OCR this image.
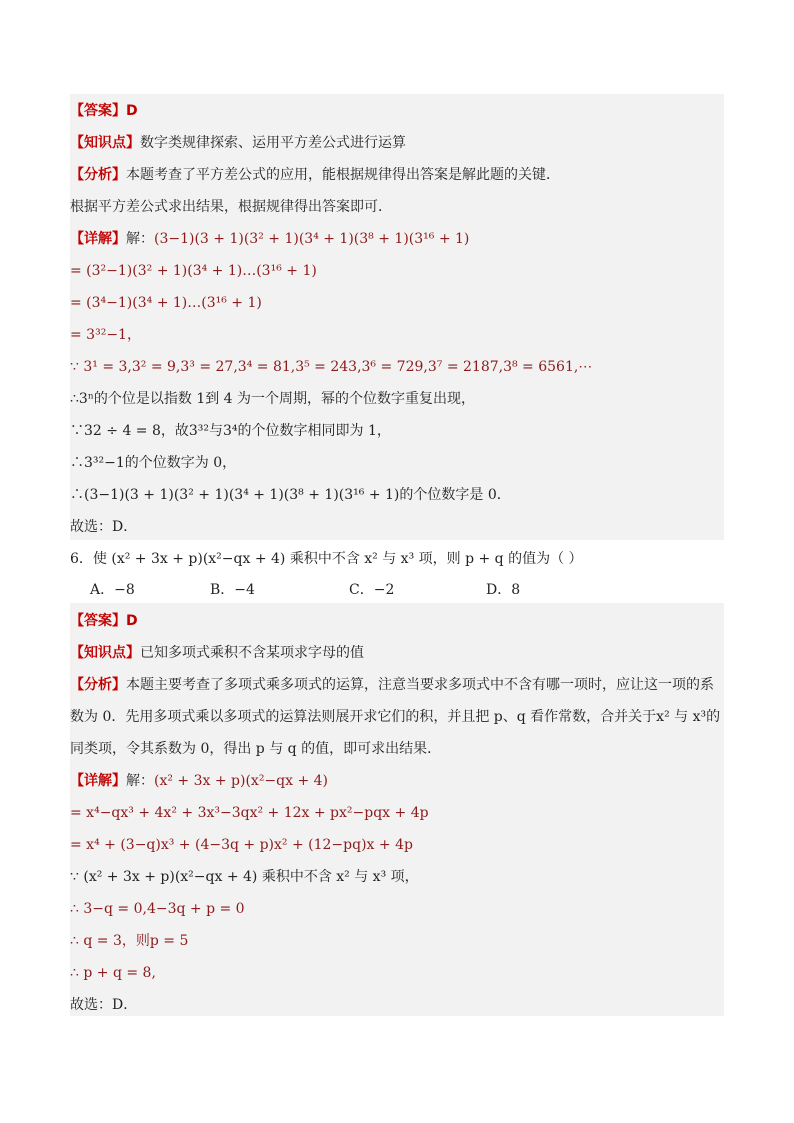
【答案】D
【知识点】数字类规律探索、运用平方差公式进行运算
【分析】本题考查了平方差公式的应用，能根据规律得出答案是解此题的关键．
根据平方差公式求出结果，根据规律得出答案即可．
【详解】解：(3−1)(3 + 1)(3² + 1)(3⁴ + 1)(3⁸ + 1)(3¹⁶ + 1)
= (3²−1)(3² + 1)(3⁴ + 1)…(3¹⁶ + 1)
= (3⁴−1)(3⁴ + 1)…(3¹⁶ + 1)
= 3³²−1，
∵ 3¹ = 3,3² = 9,3³ = 27,3⁴ = 81,3⁵ = 243,3⁶ = 729,3⁷ = 2187,3⁸ = 6561,⋯
∴3ⁿ的个位是以指数 1到 4 为一个周期，幂的个位数字重复出现，
∵32 ÷ 4 = 8，故3³²与3⁴的个位数字相同即为 1，
∴3³²−1的个位数字为 0，
∴(3−1)(3 + 1)(3² + 1)(3⁴ + 1)(3⁸ + 1)(3¹⁶ + 1)的个位数字是 0．
故选：D．
6．使 (x² + 3x + p)(x²−qx + 4) 乘积中不含 x² 与 x³ 项，则 p + q 的值为（ ）
A．−8	B．−4	C．−2	D．8
【答案】D
【知识点】已知多项式乘积不含某项求字母的值
【分析】本题主要考查了多项式乘多项式的运算，注意当要求多项式中不含有哪一项时，应让这一项的系
数为 0．先用多项式乘以多项式的运算法则展开求它们的积，并且把 p、q 看作常数，合并关于x² 与 x³的
同类项，令其系数为 0，得出 p 与 q 的值，即可求出结果．
【详解】解：(x² + 3x + p)(x²−qx + 4)
= x⁴−qx³ + 4x² + 3x³−3qx² + 12x + px²−pqx + 4p
= x⁴ + (3−q)x³ + (4−3q + p)x² + (12−pq)x + 4p
∵ (x² + 3x + p)(x²−qx + 4) 乘积中不含 x² 与 x³ 项，
∴ 3−q = 0,4−3q + p = 0
∴ q = 3，则p = 5
∴ p + q = 8,
故选：D．
